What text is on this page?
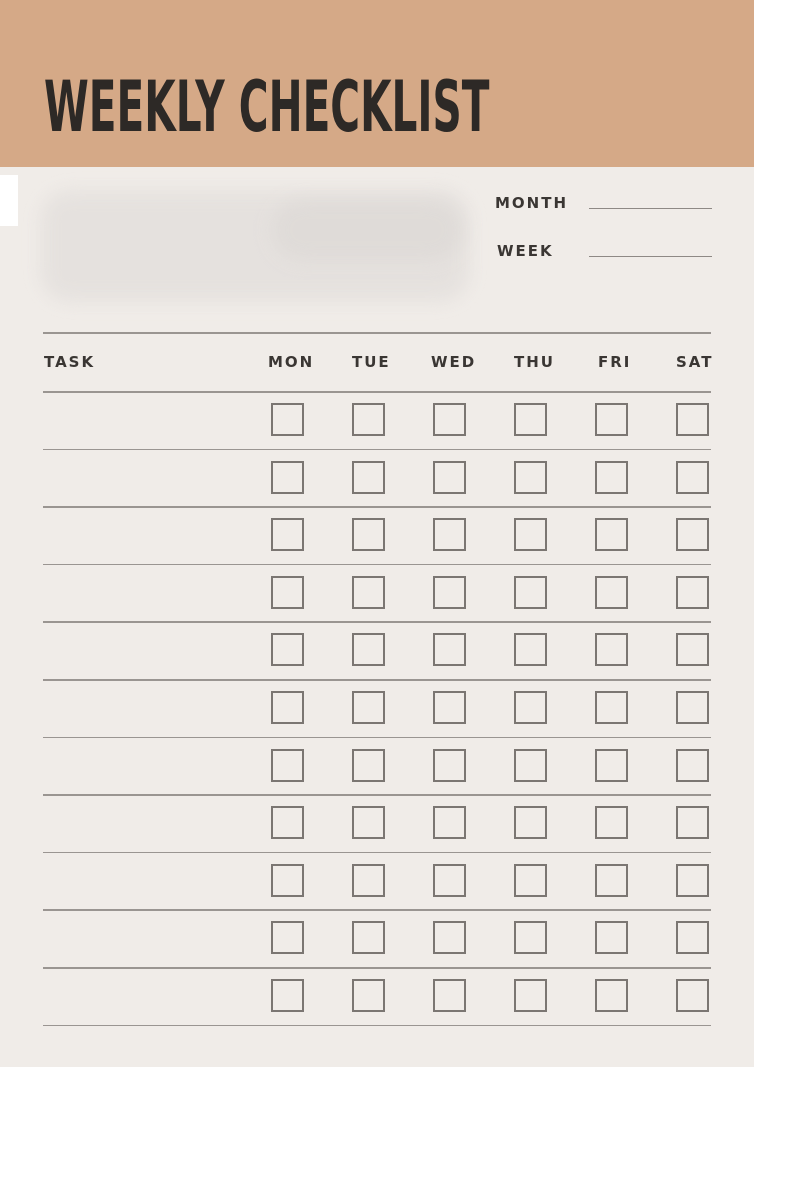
WEEKLY CHECKLIST
MONTH
WEEK
TASK	MON	TUE	WED	THU	FRI	SAT
